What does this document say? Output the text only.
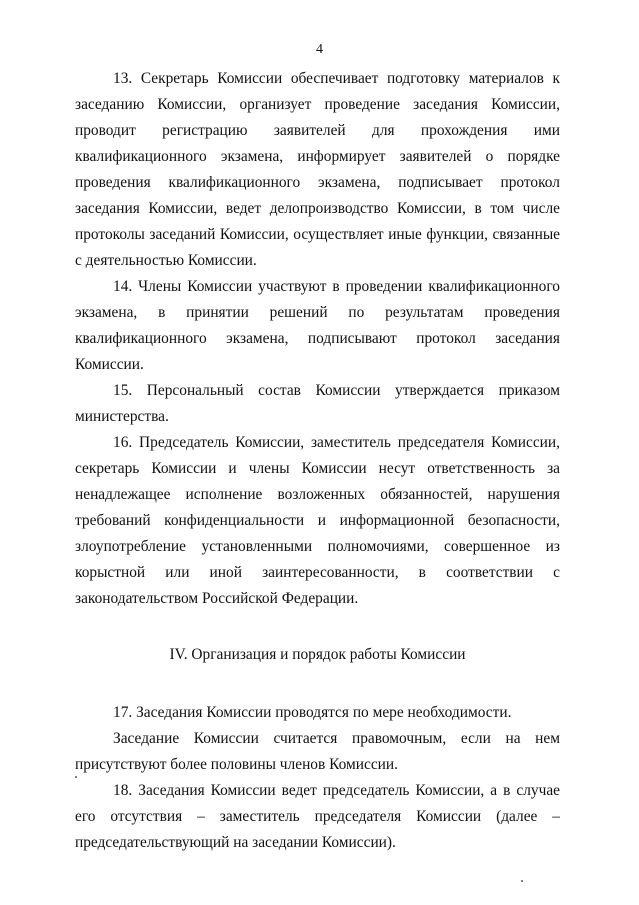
4

13. Секретарь Комиссии обеспечивает подготовку материалов к заседанию Комиссии, организует проведение заседания Комиссии, проводит регистрацию заявителей для прохождения ими квалификационного экзамена, информирует заявителей о порядке проведения квалификационного экзамена, подписывает протокол заседания Комиссии, ведет делопроизводство Комиссии, в том числе протоколы заседаний Комиссии, осуществляет иные функции, связанные с деятельностью Комиссии.

14. Члены Комиссии участвуют в проведении квалификационного экзамена, в принятии решений по результатам проведения квалификационного экзамена, подписывают протокол заседания Комиссии.

15. Персональный состав Комиссии утверждается приказом министерства.

16. Председатель Комиссии, заместитель председателя Комиссии, секретарь Комиссии и члены Комиссии несут ответственность за ненадлежащее исполнение возложенных обязанностей, нарушения требований конфиденциальности и информационной безопасности, злоупотребление установленными полномочиями, совершенное из корыстной или иной заинтересованности, в соответствии с законодательством Российской Федерации.

IV. Организация и порядок работы Комиссии

17. Заседания Комиссии проводятся по мере необходимости.

Заседание Комиссии считается правомочным, если на нем присутствуют более половины членов Комиссии.

18. Заседания Комиссии ведет председатель Комиссии, а в случае его отсутствия – заместитель председателя Комиссии (далее – председательствующий на заседании Комиссии).
